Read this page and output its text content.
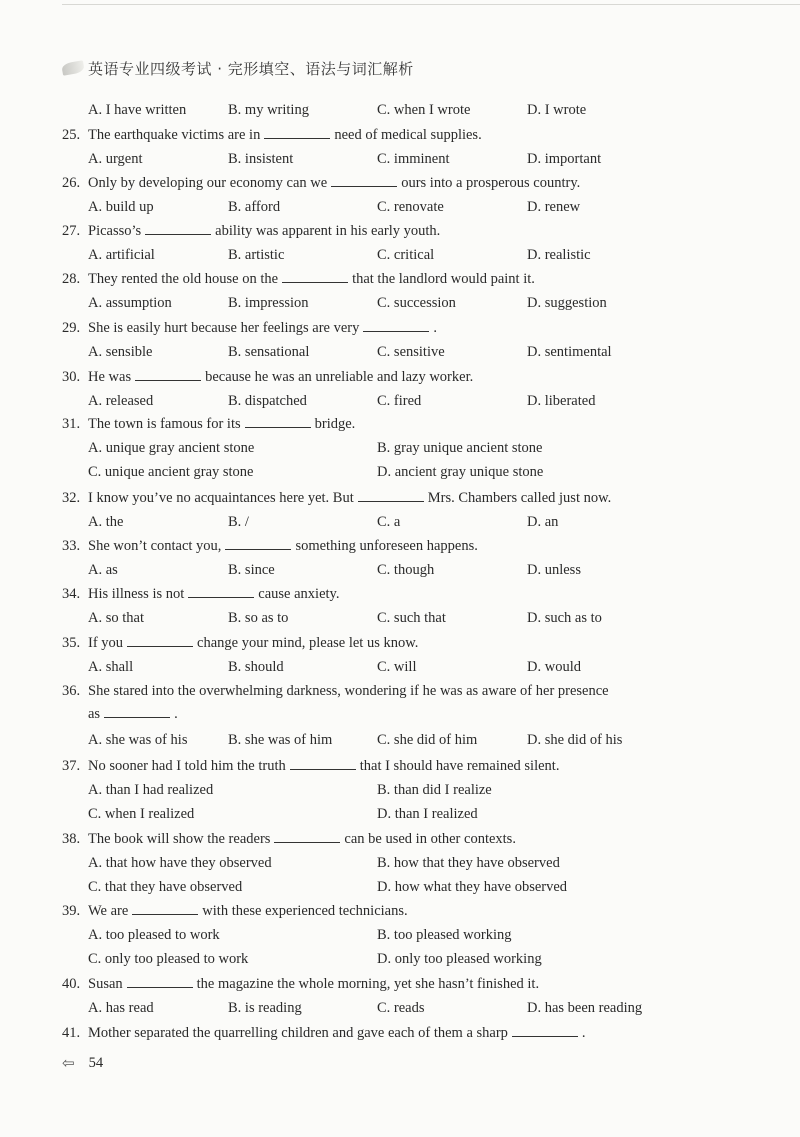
英语专业四级考试 · 完形填空、语法与词汇解析
A. I have written	B. my writing	C. when I wrote	D. I wrote
25. The earthquake victims are in	need of medical supplies.
A. urgent	B. insistent	C. imminent	D. important
26. Only by developing our economy can we	ours into a prosperous country.
A. build up	B. afford	C. renovate	D. renew
27. Picasso’s	ability was apparent in his early youth.
A. artificial	B. artistic	C. critical	D. realistic
28. They rented the old house on the	that the landlord would paint it.
A. assumption	B. impression	C. succession	D. suggestion
29. She is easily hurt because her feelings are very	.
A. sensible	B. sensational	C. sensitive	D. sentimental
30. He was	because he was an unreliable and lazy worker.
A. released	B. dispatched	C. fired	D. liberated
31. The town is famous for its	bridge.
A. unique gray ancient stone	B. gray unique ancient stone
C. unique ancient gray stone	D. ancient gray unique stone
32. I know you’ve no acquaintances here yet. But	Mrs. Chambers called just now.
A. the	B. /	C. a	D. an
33. She won’t contact you,	something unforeseen happens.
A. as	B. since	C. though	D. unless
34. His illness is not	cause anxiety.
A. so that	B. so as to	C. such that	D. such as to
35. If you	change your mind, please let us know.
A. shall	B. should	C. will	D. would
36. She stared into the overwhelming darkness, wondering if he was as aware of her presence
as	.
A. she was of his	B. she was of him	C. she did of him	D. she did of his
37. No sooner had I told him the truth	that I should have remained silent.
A. than I had realized	B. than did I realize
C. when I realized	D. than I realized
38. The book will show the readers	can be used in other contexts.
A. that how have they observed	B. how that they have observed
C. that they have observed	D. how what they have observed
39. We are	with these experienced technicians.
A. too pleased to work	B. too pleased working
C. only too pleased to work	D. only too pleased working
40. Susan	the magazine the whole morning, yet she hasn’t finished it.
A. has read	B. is reading	C. reads	D. has been reading
41. Mother separated the quarrelling children and gave each of them a sharp	.
⇦ 54
